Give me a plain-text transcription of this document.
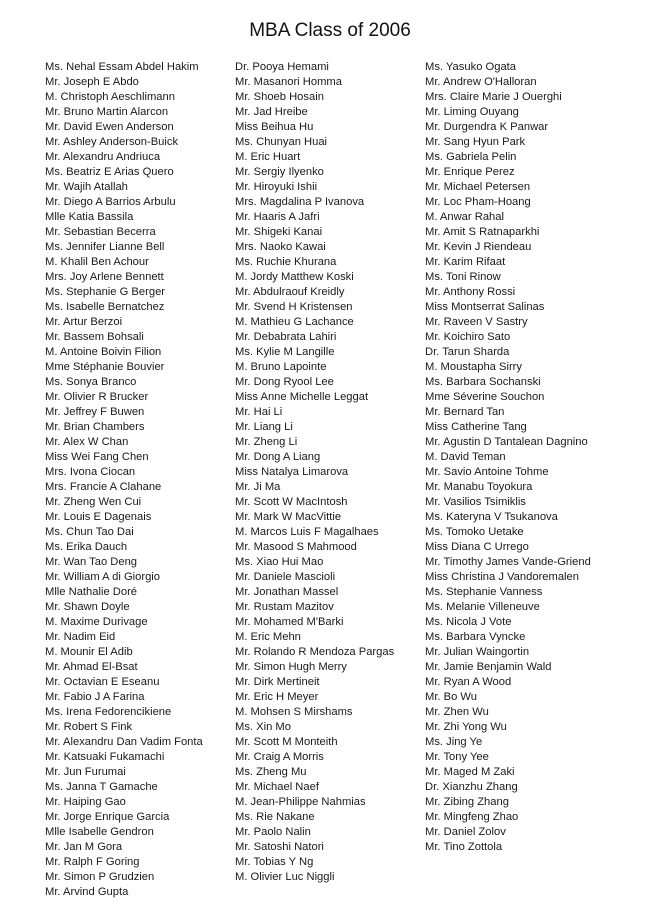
MBA Class of 2006
Ms. Nehal Essam Abdel Hakim
Mr. Joseph E Abdo
M. Christoph Aeschlimann
Mr. Bruno Martin Alarcon
Mr. David Ewen Anderson
Mr. Ashley Anderson-Buick
Mr. Alexandru Andriuca
Ms. Beatriz E Arias Quero
Mr. Wajih Atallah
Mr. Diego A Barrios Arbulu
Mlle Katia Bassila
Mr. Sebastian Becerra
Ms. Jennifer Lianne Bell
M. Khalil Ben Achour
Mrs. Joy Arlene Bennett
Ms. Stephanie G Berger
Ms. Isabelle Bernatchez
Mr. Artur Berzoi
Mr. Bassem Bohsali
M. Antoine Boivin Filion
Mme Stéphanie Bouvier
Ms. Sonya Branco
Mr. Olivier R Brucker
Mr. Jeffrey F Buwen
Mr. Brian Chambers
Mr. Alex W Chan
Miss Wei Fang Chen
Mrs. Ivona Ciocan
Mrs. Francie A Clahane
Mr. Zheng Wen Cui
Mr. Louis E Dagenais
Ms. Chun Tao Dai
Ms. Erika Dauch
Mr. Wan Tao Deng
Mr. William A di Giorgio
Mlle Nathalie Doré
Mr. Shawn Doyle
M. Maxime Durivage
Mr. Nadim Eid
M. Mounir El Adib
Mr. Ahmad El-Bsat
Mr. Octavian E Eseanu
Mr. Fabio J A Farina
Ms. Irena Fedorencikiene
Mr. Robert S Fink
Mr. Alexandru Dan Vadim Fonta
Mr. Katsuaki Fukamachi
Mr. Jun Furumai
Ms. Janna T Gamache
Mr. Haiping Gao
Mr. Jorge Enrique Garcia
Mlle Isabelle Gendron
Mr. Jan M Gora
Mr. Ralph F Goring
Mr. Simon P Grudzien
Mr. Arvind Gupta
Dr. Pooya Hemami
Mr. Masanori Homma
Mr. Shoeb Hosain
Mr. Jad Hreibe
Miss Beihua Hu
Ms. Chunyan Huai
M. Eric Huart
Mr. Sergiy Ilyenko
Mr. Hiroyuki Ishii
Mrs. Magdalina P Ivanova
Mr. Haaris A Jafri
Mr. Shigeki Kanai
Mrs. Naoko Kawai
Ms. Ruchie Khurana
M. Jordy Matthew Koski
Mr. Abdulraouf Kreidly
Mr. Svend H Kristensen
M. Mathieu G Lachance
Mr. Debabrata Lahiri
Ms. Kylie M Langille
M. Bruno Lapointe
Mr. Dong Ryool Lee
Miss Anne Michelle Leggat
Mr. Hai Li
Mr. Liang Li
Mr. Zheng Li
Mr. Dong A Liang
Miss Natalya Limarova
Mr. Ji Ma
Mr. Scott W MacIntosh
Mr. Mark W MacVittie
M. Marcos Luis F Magalhaes
Mr. Masood S Mahmood
Ms. Xiao Hui Mao
Mr. Daniele Mascioli
Mr. Jonathan Massel
Mr. Rustam Mazitov
Mr. Mohamed M'Barki
M. Eric Mehn
Mr. Rolando R Mendoza Pargas
Mr. Simon Hugh Merry
Mr. Dirk Mertineit
Mr. Eric H Meyer
M. Mohsen S Mirshams
Ms. Xin Mo
Mr. Scott M Monteith
Mr. Craig A Morris
Ms. Zheng Mu
Mr. Michael Naef
M. Jean-Philippe Nahmias
Ms. Rie Nakane
Mr. Paolo Nalin
Mr. Satoshi Natori
Mr. Tobias Y Ng
M. Olivier Luc Niggli
Ms. Yasuko Ogata
Mr. Andrew O'Halloran
Mrs. Claire Marie J Ouerghi
Mr. Liming Ouyang
Mr. Durgendra K Panwar
Mr. Sang Hyun Park
Ms. Gabriela Pelin
Mr. Enrique Perez
Mr. Michael Petersen
Mr. Loc Pham-Hoang
M. Anwar Rahal
Mr. Amit S Ratnaparkhi
Mr. Kevin J Riendeau
Mr. Karim Rifaat
Ms. Toni Rinow
Mr. Anthony Rossi
Miss Montserrat Salinas
Mr. Raveen V Sastry
Mr. Koichiro Sato
Dr. Tarun Sharda
M. Moustapha Sirry
Ms. Barbara Sochanski
Mme Séverine Souchon
Mr. Bernard Tan
Miss Catherine Tang
Mr. Agustin D Tantalean Dagnino
M. David Teman
Mr. Savio Antoine Tohme
Mr. Manabu Toyokura
Mr. Vasilios Tsimiklis
Ms. Kateryna V Tsukanova
Ms. Tomoko Uetake
Miss Diana C Urrego
Mr. Timothy James Vande-Griend
Miss Christina J Vandoremalen
Ms. Stephanie Vanness
Ms. Melanie Villeneuve
Ms. Nicola J Vote
Ms. Barbara Vyncke
Mr. Julian Waingortin
Mr. Jamie Benjamin Wald
Mr. Ryan A Wood
Mr. Bo Wu
Mr. Zhen Wu
Mr. Zhi Yong Wu
Ms. Jing Ye
Mr. Tony Yee
Mr. Maged M Zaki
Dr. Xianzhu Zhang
Mr. Zibing Zhang
Mr. Mingfeng Zhao
Mr. Daniel Zolov
Mr. Tino Zottola
